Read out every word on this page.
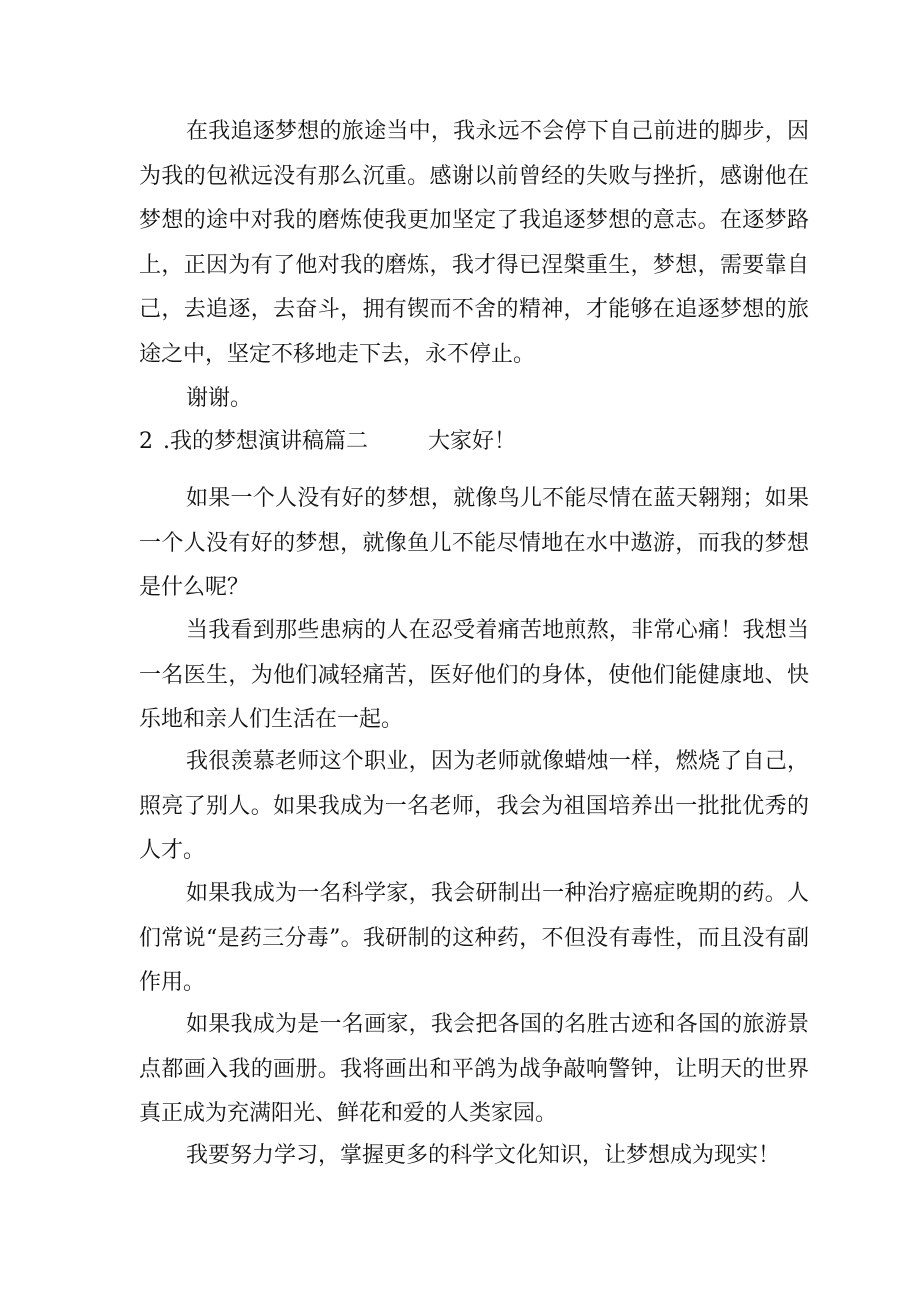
在我追逐梦想的旅途当中，我永远不会停下自己前进的脚步，因为我的包袱远没有那么沉重。感谢以前曾经的失败与挫折，感谢他在梦想的途中对我的磨炼使我更加坚定了我追逐梦想的意志。在逐梦路上，正因为有了他对我的磨炼，我才得已涅槃重生，梦想，需要靠自己，去追逐，去奋斗，拥有锲而不舍的精神，才能够在追逐梦想的旅途之中，坚定不移地走下去，永不停止。

谢谢。

2 .我的梦想演讲稿篇二	大家好！

如果一个人没有好的梦想，就像鸟儿不能尽情在蓝天翱翔；如果一个人没有好的梦想，就像鱼儿不能尽情地在水中遨游，而我的梦想是什么呢？

当我看到那些患病的人在忍受着痛苦地煎熬，非常心痛！我想当一名医生，为他们减轻痛苦，医好他们的身体，使他们能健康地、快乐地和亲人们生活在一起。

我很羡慕老师这个职业，因为老师就像蜡烛一样，燃烧了自己，照亮了别人。如果我成为一名老师，我会为祖国培养出一批批优秀的人才。

如果我成为一名科学家，我会研制出一种治疗癌症晚期的药。人们常说“是药三分毒”。我研制的这种药，不但没有毒性，而且没有副作用。

如果我成为是一名画家，我会把各国的名胜古迹和各国的旅游景点都画入我的画册。我将画出和平鸽为战争敲响警钟，让明天的世界真正成为充满阳光、鲜花和爱的人类家园。

我要努力学习，掌握更多的科学文化知识，让梦想成为现实！
